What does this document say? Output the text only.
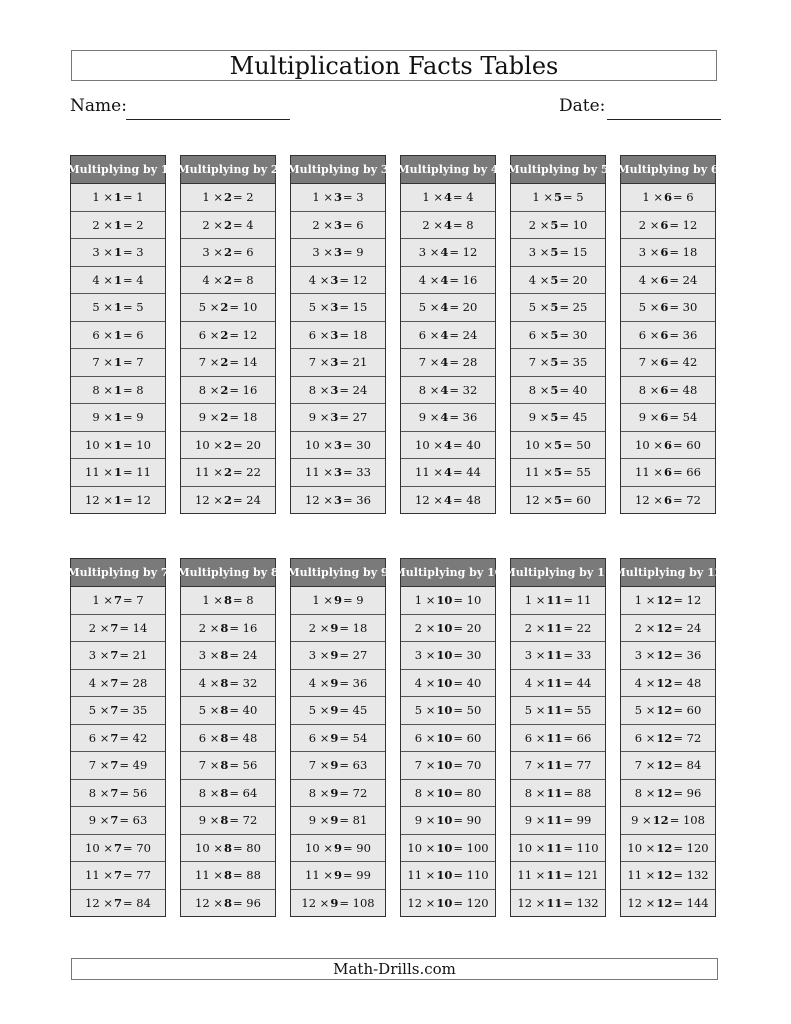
Multiplication Facts Tables
Name:	Date:
Multiplying by 1
1 × 1 = 1
2 × 1 = 2
3 × 1 = 3
4 × 1 = 4
5 × 1 = 5
6 × 1 = 6
7 × 1 = 7
8 × 1 = 8
9 × 1 = 9
10 × 1 = 10
11 × 1 = 11
12 × 1 = 12
Multiplying by 2
1 × 2 = 2
2 × 2 = 4
3 × 2 = 6
4 × 2 = 8
5 × 2 = 10
6 × 2 = 12
7 × 2 = 14
8 × 2 = 16
9 × 2 = 18
10 × 2 = 20
11 × 2 = 22
12 × 2 = 24
Multiplying by 3
1 × 3 = 3
2 × 3 = 6
3 × 3 = 9
4 × 3 = 12
5 × 3 = 15
6 × 3 = 18
7 × 3 = 21
8 × 3 = 24
9 × 3 = 27
10 × 3 = 30
11 × 3 = 33
12 × 3 = 36
Multiplying by 4
1 × 4 = 4
2 × 4 = 8
3 × 4 = 12
4 × 4 = 16
5 × 4 = 20
6 × 4 = 24
7 × 4 = 28
8 × 4 = 32
9 × 4 = 36
10 × 4 = 40
11 × 4 = 44
12 × 4 = 48
Multiplying by 5
1 × 5 = 5
2 × 5 = 10
3 × 5 = 15
4 × 5 = 20
5 × 5 = 25
6 × 5 = 30
7 × 5 = 35
8 × 5 = 40
9 × 5 = 45
10 × 5 = 50
11 × 5 = 55
12 × 5 = 60
Multiplying by 6
1 × 6 = 6
2 × 6 = 12
3 × 6 = 18
4 × 6 = 24
5 × 6 = 30
6 × 6 = 36
7 × 6 = 42
8 × 6 = 48
9 × 6 = 54
10 × 6 = 60
11 × 6 = 66
12 × 6 = 72
Multiplying by 7
1 × 7 = 7
2 × 7 = 14
3 × 7 = 21
4 × 7 = 28
5 × 7 = 35
6 × 7 = 42
7 × 7 = 49
8 × 7 = 56
9 × 7 = 63
10 × 7 = 70
11 × 7 = 77
12 × 7 = 84
Multiplying by 8
1 × 8 = 8
2 × 8 = 16
3 × 8 = 24
4 × 8 = 32
5 × 8 = 40
6 × 8 = 48
7 × 8 = 56
8 × 8 = 64
9 × 8 = 72
10 × 8 = 80
11 × 8 = 88
12 × 8 = 96
Multiplying by 9
1 × 9 = 9
2 × 9 = 18
3 × 9 = 27
4 × 9 = 36
5 × 9 = 45
6 × 9 = 54
7 × 9 = 63
8 × 9 = 72
9 × 9 = 81
10 × 9 = 90
11 × 9 = 99
12 × 9 = 108
Multiplying by 10
1 × 10 = 10
2 × 10 = 20
3 × 10 = 30
4 × 10 = 40
5 × 10 = 50
6 × 10 = 60
7 × 10 = 70
8 × 10 = 80
9 × 10 = 90
10 × 10 = 100
11 × 10 = 110
12 × 10 = 120
Multiplying by 11
1 × 11 = 11
2 × 11 = 22
3 × 11 = 33
4 × 11 = 44
5 × 11 = 55
6 × 11 = 66
7 × 11 = 77
8 × 11 = 88
9 × 11 = 99
10 × 11 = 110
11 × 11 = 121
12 × 11 = 132
Multiplying by 12
1 × 12 = 12
2 × 12 = 24
3 × 12 = 36
4 × 12 = 48
5 × 12 = 60
6 × 12 = 72
7 × 12 = 84
8 × 12 = 96
9 × 12 = 108
10 × 12 = 120
11 × 12 = 132
12 × 12 = 144
Math-Drills.com
